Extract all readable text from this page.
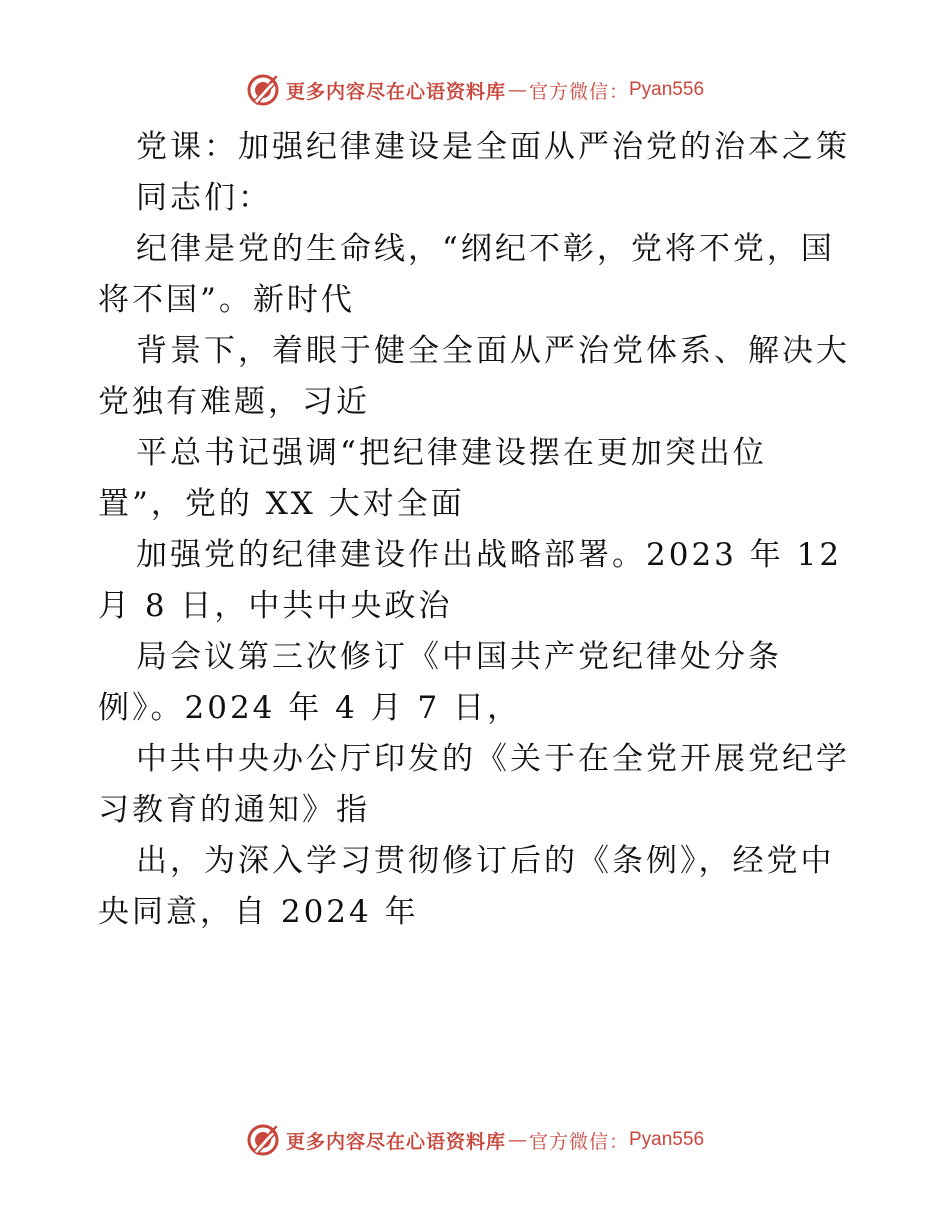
更多内容尽在心语资料库 — 官方微信： Pyan556
党课：加强纪律建设是全面从严治党的治本之策
同志们：
纪律是党的生命线，“纲纪不彰，党将不党，国
将不国”。新时代
背景下，着眼于健全全面从严治党体系、解决大
党独有难题，习近
平总书记强调“把纪律建设摆在更加突出位
置”，党的 XX 大对全面
加强党的纪律建设作出战略部署。2023 年 12
月 8 日，中共中央政治
局会议第三次修订《中国共产党纪律处分条
例》。2024 年 4 月 7 日，
中共中央办公厅印发的《关于在全党开展党纪学
习教育的通知》指
出，为深入学习贯彻修订后的《条例》，经党中
央同意，自 2024 年
更多内容尽在心语资料库 — 官方微信： Pyan556
